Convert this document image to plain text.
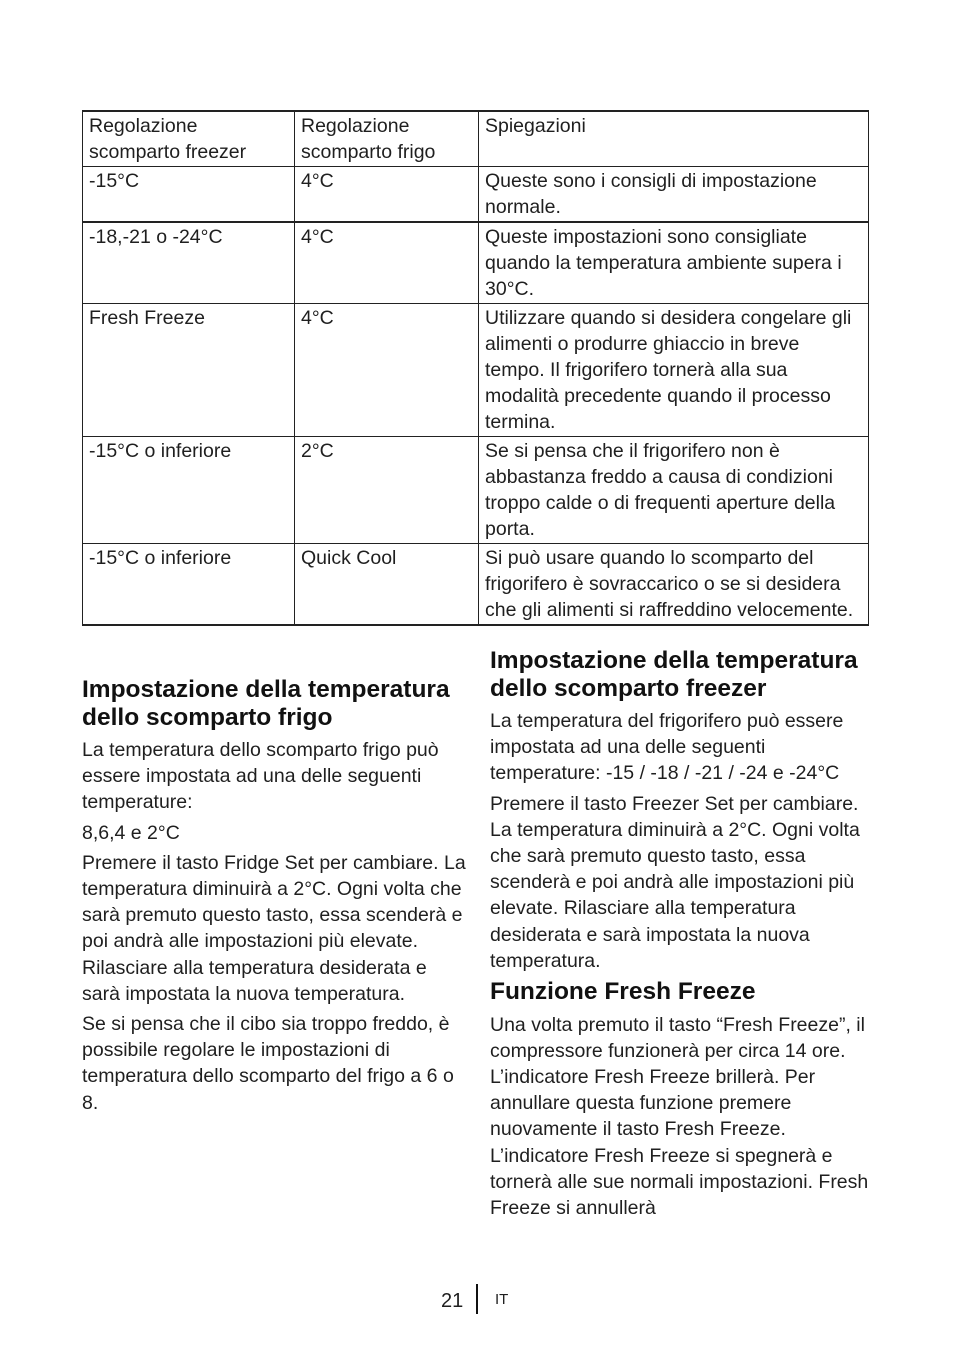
Regolazione scomparto freezer	Regolazione scomparto frigo	Spiegazioni
-15°C	4°C	Queste sono i consigli di impostazione normale.
-18,-21 o -24°C	4°C	Queste impostazioni sono consigliate quando la temperatura ambiente supera i 30°C.
Fresh Freeze	4°C	Utilizzare quando si desidera congelare gli alimenti o produrre ghiaccio in breve tempo. Il frigorifero tornerà alla sua modalità precedente quando il processo termina.
-15°C o inferiore	2°C	Se si pensa che il frigorifero non è abbastanza freddo a causa di condizioni troppo calde o di frequenti aperture della porta.
-15°C o inferiore	Quick Cool	Si può usare quando lo scomparto del frigorifero è sovraccarico o se si desidera che gli alimenti si raffreddino velocemente.
Impostazione della temperatura dello scomparto frigo

La temperatura dello scomparto frigo può essere impostata ad una delle seguenti temperature:

8,6,4 e 2°C

Premere il tasto Fridge Set per cambiare. La temperatura diminuirà a 2°C. Ogni volta che sarà premuto questo tasto, essa scenderà e poi andrà alle impostazioni più elevate. Rilasciare alla temperatura desiderata e sarà impostata la nuova temperatura.

Se si pensa che il cibo sia troppo freddo, è possibile regolare le impostazioni di temperatura dello scomparto del frigo a 6 o 8.

Impostazione della temperatura dello scomparto freezer

La temperatura del frigorifero può essere impostata ad una delle seguenti temperature: -15 / -18 / -21 / -24 e -24°C

Premere il tasto Freezer Set per cambiare. La temperatura diminuirà a 2°C. Ogni volta che sarà premuto questo tasto, essa scenderà e poi andrà alle impostazioni più elevate. Rilasciare alla temperatura desiderata e sarà impostata la nuova temperatura.

Funzione Fresh Freeze

Una volta premuto il tasto “Fresh Freeze”, il compressore funzionerà per circa 14 ore. L’indicatore Fresh Freeze brillerà. Per annullare questa funzione premere nuovamente il tasto Fresh Freeze. L’indicatore Fresh Freeze si spegnerà e tornerà alle sue normali impostazioni. Fresh Freeze si annullerà

21 IT
